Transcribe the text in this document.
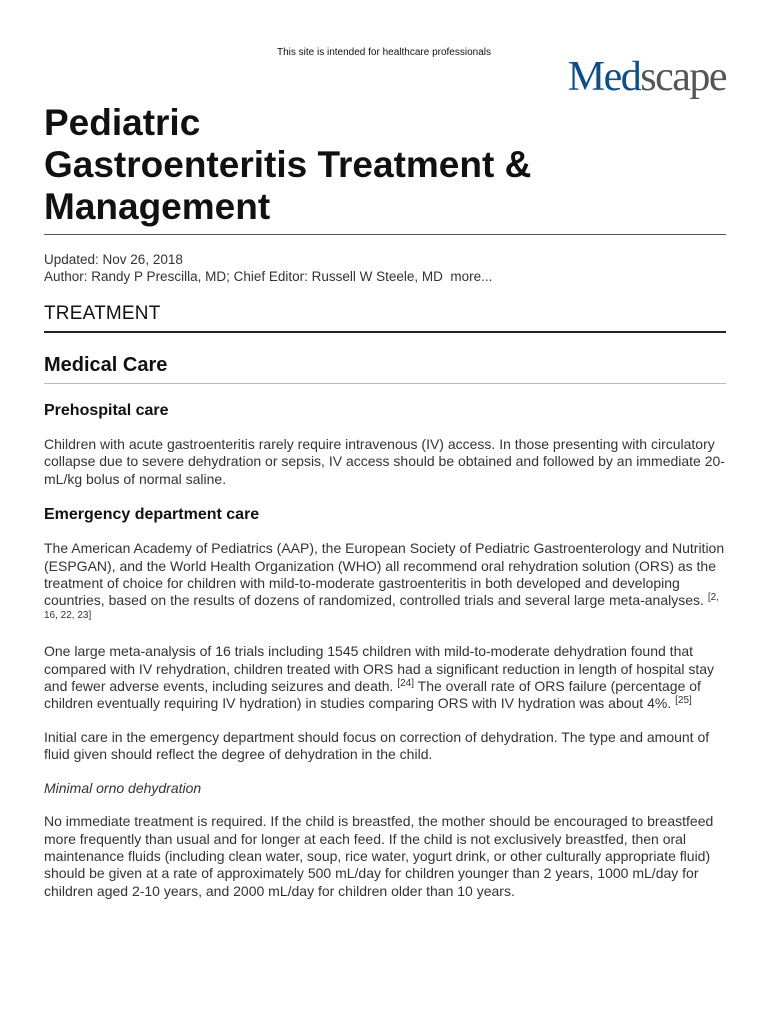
This site is intended for healthcare professionals
Medscape
Pediatric
Gastroenteritis Treatment &
Management
Updated: Nov 26, 2018
Author: Randy P Prescilla, MD; Chief Editor: Russell W Steele, MD more...
TREATMENT
Medical Care
Prehospital care

Children with acute gastroenteritis rarely require intravenous (IV) access. In those presenting with circulatory collapse due to severe dehydration or sepsis, IV access should be obtained and followed by an immediate 20-mL/kg bolus of normal saline.

Emergency department care

The American Academy of Pediatrics (AAP), the European Society of Pediatric Gastroenterology and Nutrition (ESPGAN), and the World Health Organization (WHO) all recommend oral rehydration solution (ORS) as the treatment of choice for children with mild-to-moderate gastroenteritis in both developed and developing countries, based on the results of dozens of randomized, controlled trials and several large meta-analyses. [2, 16, 22, 23]

One large meta-analysis of 16 trials including 1545 children with mild-to-moderate dehydration found that compared with IV rehydration, children treated with ORS had a significant reduction in length of hospital stay and fewer adverse events, including seizures and death. [24] The overall rate of ORS failure (percentage of children eventually requiring IV hydration) in studies comparing ORS with IV hydration was about 4%. [25]

Initial care in the emergency department should focus on correction of dehydration. The type and amount of fluid given should reflect the degree of dehydration in the child.

Minimal orno dehydration

No immediate treatment is required. If the child is breastfed, the mother should be encouraged to breastfeed more frequently than usual and for longer at each feed. If the child is not exclusively breastfed, then oral maintenance fluids (including clean water, soup, rice water, yogurt drink, or other culturally appropriate fluid) should be given at a rate of approximately 500 mL/day for children younger than 2 years, 1000 mL/day for children aged 2-10 years, and 2000 mL/day for children older than 10 years.
